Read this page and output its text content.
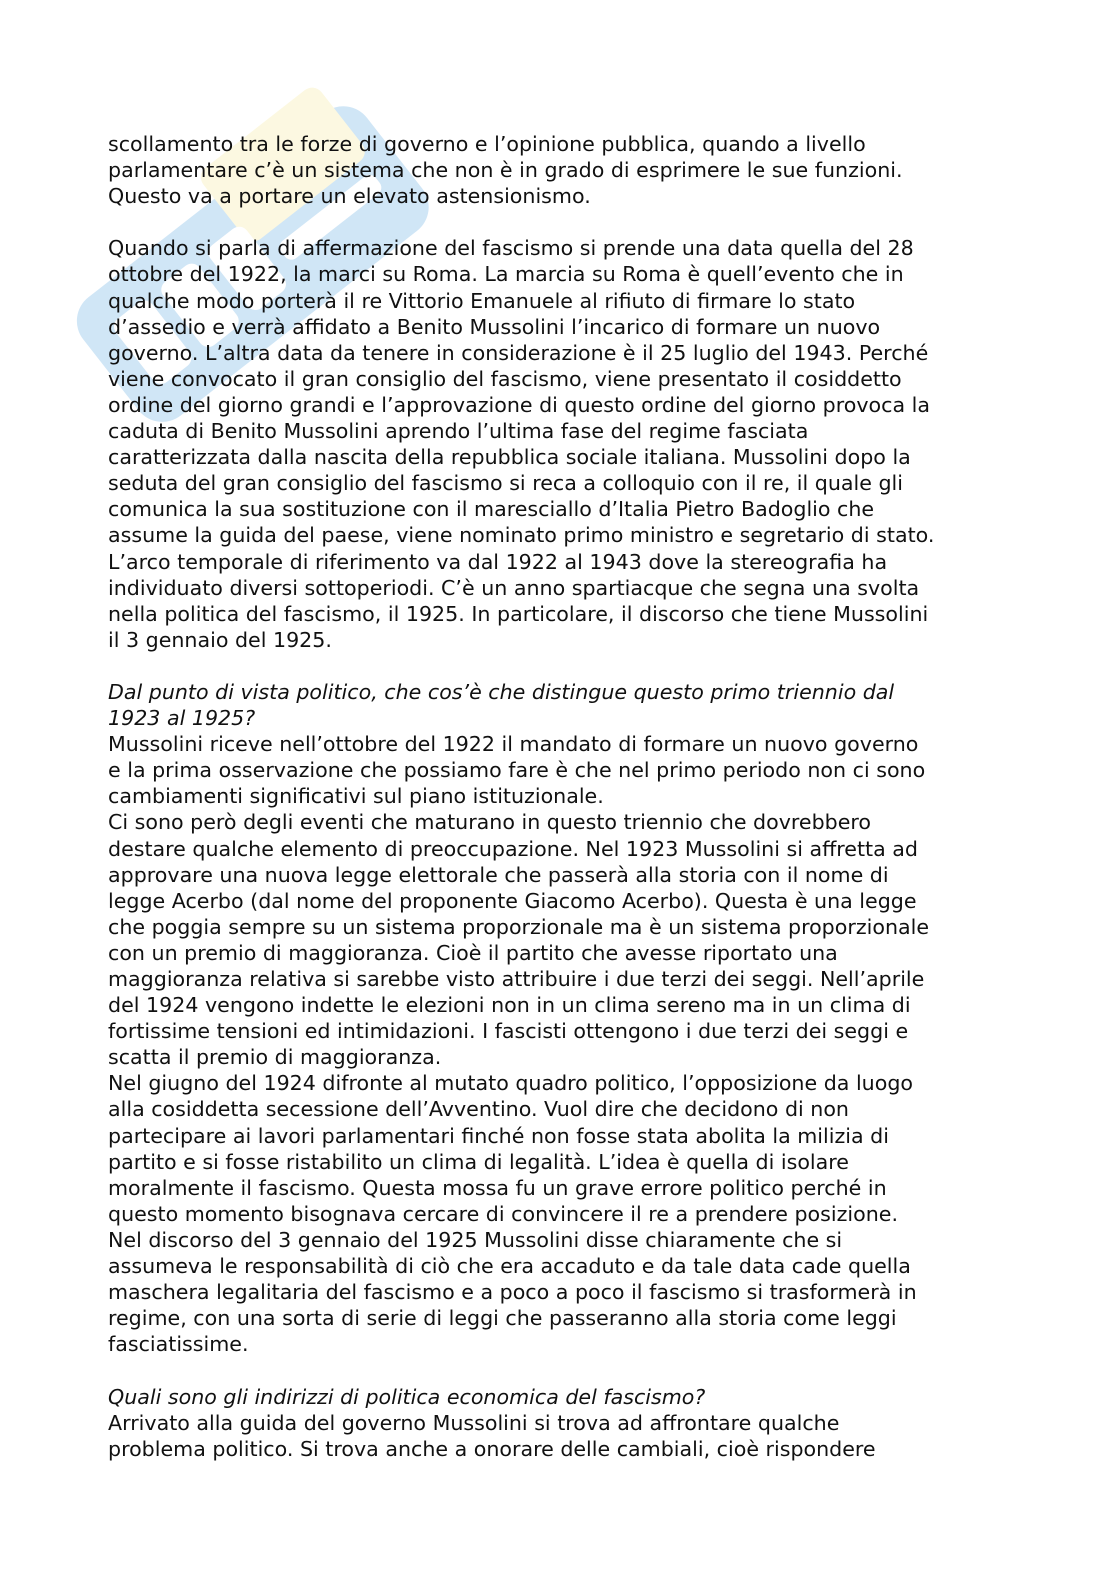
scollamento tra le forze di governo e l’opinione pubblica, quando a livello
parlamentare c’è un sistema che non è in grado di esprimere le sue funzioni.
Questo va a portare un elevato astensionismo.

Quando si parla di affermazione del fascismo si prende una data quella del 28
ottobre del 1922, la marci su Roma. La marcia su Roma è quell’evento che in
qualche modo porterà il re Vittorio Emanuele al rifiuto di firmare lo stato
d’assedio e verrà affidato a Benito Mussolini l’incarico di formare un nuovo
governo. L’altra data da tenere in considerazione è il 25 luglio del 1943. Perché
viene convocato il gran consiglio del fascismo, viene presentato il cosiddetto
ordine del giorno grandi e l’approvazione di questo ordine del giorno provoca la
caduta di Benito Mussolini aprendo l’ultima fase del regime fasciata
caratterizzata dalla nascita della repubblica sociale italiana. Mussolini dopo la
seduta del gran consiglio del fascismo si reca a colloquio con il re, il quale gli
comunica la sua sostituzione con il maresciallo d’Italia Pietro Badoglio che
assume la guida del paese, viene nominato primo ministro e segretario di stato.
L’arco temporale di riferimento va dal 1922 al 1943 dove la stereografia ha
individuato diversi sottoperiodi. C’è un anno spartiacque che segna una svolta
nella politica del fascismo, il 1925. In particolare, il discorso che tiene Mussolini
il 3 gennaio del 1925.

Dal punto di vista politico, che cos’è che distingue questo primo triennio dal
1923 al 1925?

Mussolini riceve nell’ottobre del 1922 il mandato di formare un nuovo governo
e la prima osservazione che possiamo fare è che nel primo periodo non ci sono
cambiamenti significativi sul piano istituzionale.

Ci sono però degli eventi che maturano in questo triennio che dovrebbero
destare qualche elemento di preoccupazione. Nel 1923 Mussolini si affretta ad
approvare una nuova legge elettorale che passerà alla storia con il nome di
legge Acerbo (dal nome del proponente Giacomo Acerbo). Questa è una legge
che poggia sempre su un sistema proporzionale ma è un sistema proporzionale
con un premio di maggioranza. Cioè il partito che avesse riportato una
maggioranza relativa si sarebbe visto attribuire i due terzi dei seggi. Nell’aprile
del 1924 vengono indette le elezioni non in un clima sereno ma in un clima di
fortissime tensioni ed intimidazioni. I fascisti ottengono i due terzi dei seggi e
scatta il premio di maggioranza.

Nel giugno del 1924 difronte al mutato quadro politico, l’opposizione da luogo
alla cosiddetta secessione dell’Avventino. Vuol dire che decidono di non
partecipare ai lavori parlamentari finché non fosse stata abolita la milizia di
partito e si fosse ristabilito un clima di legalità. L’idea è quella di isolare
moralmente il fascismo. Questa mossa fu un grave errore politico perché in
questo momento bisognava cercare di convincere il re a prendere posizione.
Nel discorso del 3 gennaio del 1925 Mussolini disse chiaramente che si
assumeva le responsabilità di ciò che era accaduto e da tale data cade quella
maschera legalitaria del fascismo e a poco a poco il fascismo si trasformerà in
regime, con una sorta di serie di leggi che passeranno alla storia come leggi
fasciatissime.

Quali sono gli indirizzi di politica economica del fascismo?

Arrivato alla guida del governo Mussolini si trova ad affrontare qualche
problema politico. Si trova anche a onorare delle cambiali, cioè rispondere
